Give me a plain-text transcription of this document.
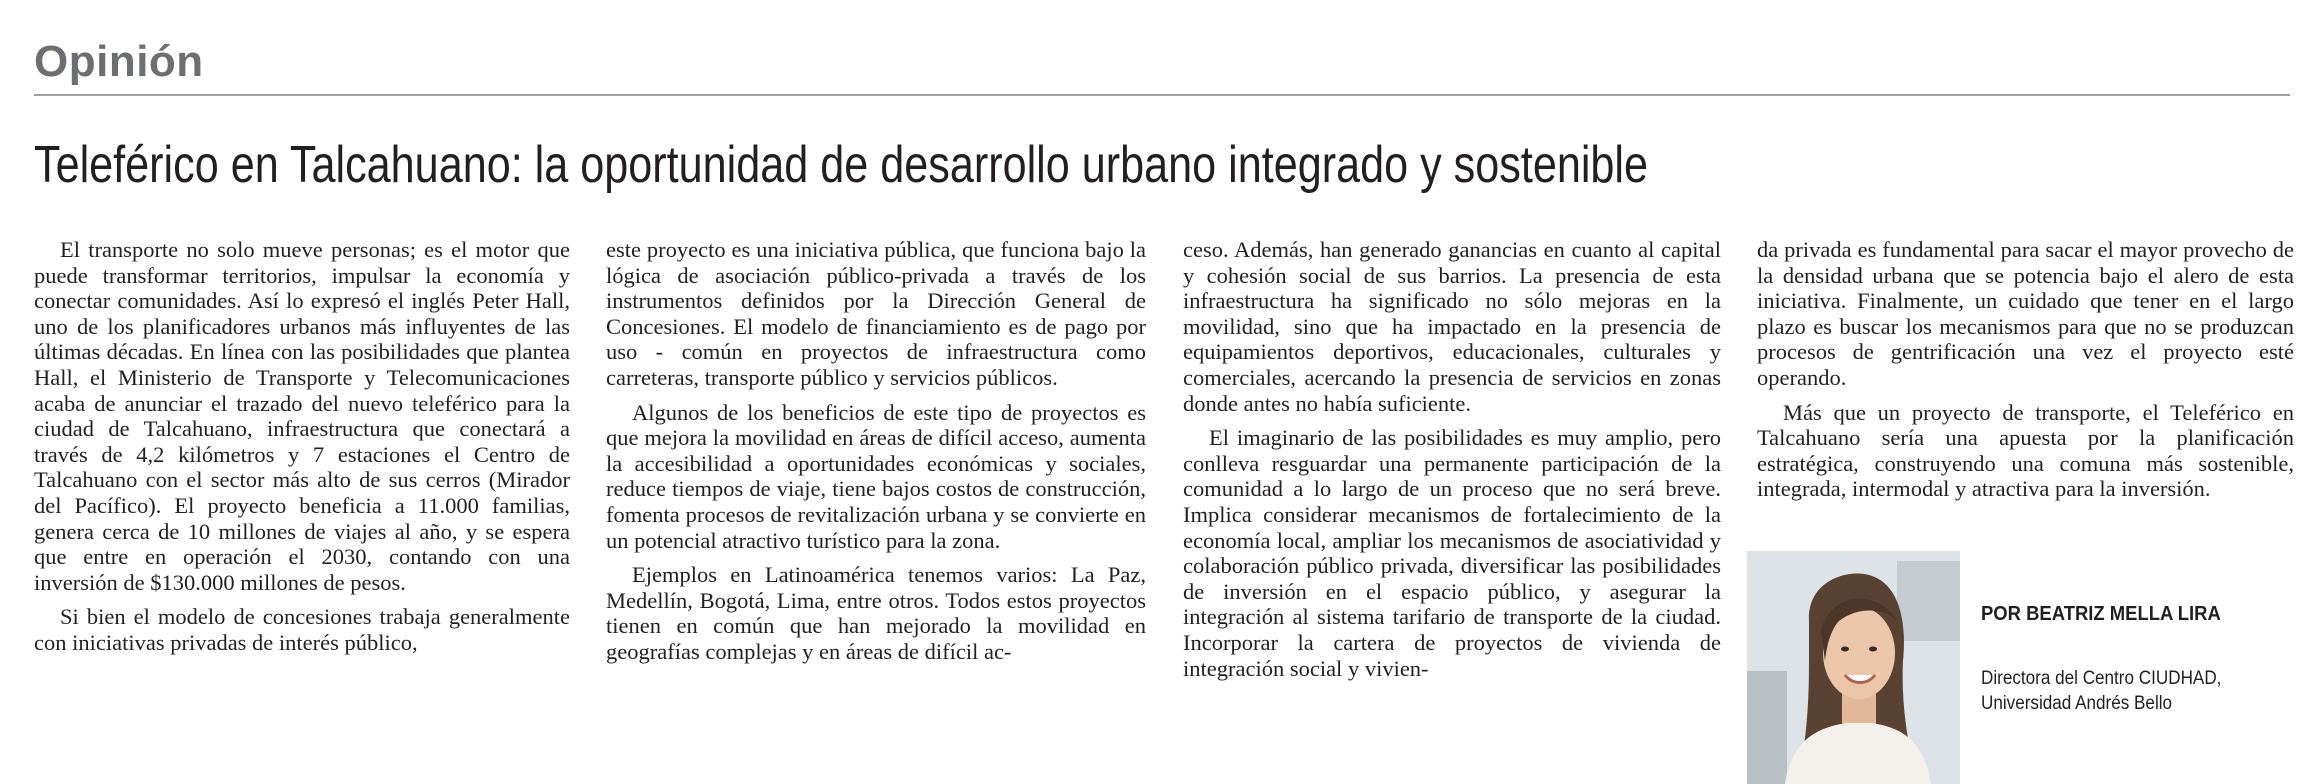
Opinión
Teleférico en Talcahuano: la oportunidad de desarrollo urbano integrado y sostenible

El transporte no solo mueve personas; es el motor que puede transformar territorios, impulsar la economía y conectar comunidades. Así lo expresó el inglés Peter Hall, uno de los planificadores urbanos más influyentes de las últimas décadas. En línea con las posibilidades que plantea Hall, el Ministerio de Transporte y Telecomunicaciones acaba de anunciar el trazado del nuevo teleférico para la ciudad de Talcahuano, infraestructura que conectará a través de 4,2 kilómetros y 7 estaciones el Centro de Talcahuano con el sector más alto de sus cerros (Mirador del Pacífico). El proyecto beneficia a 11.000 familias, genera cerca de 10 millones de viajes al año, y se espera que entre en operación el 2030, contando con una inversión de $130.000 millones de pesos.

Si bien el modelo de concesiones trabaja generalmente con iniciativas privadas de interés público,

este proyecto es una iniciativa pública, que funciona bajo la lógica de asociación público-privada a través de los instrumentos definidos por la Dirección General de Concesiones. El modelo de financiamiento es de pago por uso - común en proyectos de infraestructura como carreteras, transporte público y servicios públicos.

Algunos de los beneficios de este tipo de proyectos es que mejora la movilidad en áreas de difícil acceso, aumenta la accesibilidad a oportunidades económicas y sociales, reduce tiempos de viaje, tiene bajos costos de construcción, fomenta procesos de revitalización urbana y se convierte en un potencial atractivo turístico para la zona.

Ejemplos en Latinoamérica tenemos varios: La Paz, Medellín, Bogotá, Lima, entre otros. Todos estos proyectos tienen en común que han mejorado la movilidad en geografías complejas y en áreas de difícil ac-

ceso. Además, han generado ganancias en cuanto al capital y cohesión social de sus barrios. La presencia de esta infraestructura ha significado no sólo mejoras en la movilidad, sino que ha impactado en la presencia de equipamientos deportivos, educacionales, culturales y comerciales, acercando la presencia de servicios en zonas donde antes no había suficiente.

El imaginario de las posibilidades es muy amplio, pero conlleva resguardar una permanente participación de la comunidad a lo largo de un proceso que no será breve. Implica considerar mecanismos de fortalecimiento de la economía local, ampliar los mecanismos de asociatividad y colaboración público privada, diversificar las posibilidades de inversión en el espacio público, y asegurar la integración al sistema tarifario de transporte de la ciudad. Incorporar la cartera de proyectos de vivienda de integración social y vivien-

da privada es fundamental para sacar el mayor provecho de la densidad urbana que se potencia bajo el alero de esta iniciativa. Finalmente, un cuidado que tener en el largo plazo es buscar los mecanismos para que no se produzcan procesos de gentrificación una vez el proyecto esté operando.

Más que un proyecto de transporte, el Teleférico en Talcahuano sería una apuesta por la planificación estratégica, construyendo una comuna más sostenible, integrada, intermodal y atractiva para la inversión.

POR BEATRIZ MELLA LIRA
Directora del Centro CIUDHAD,
Universidad Andrés Bello
